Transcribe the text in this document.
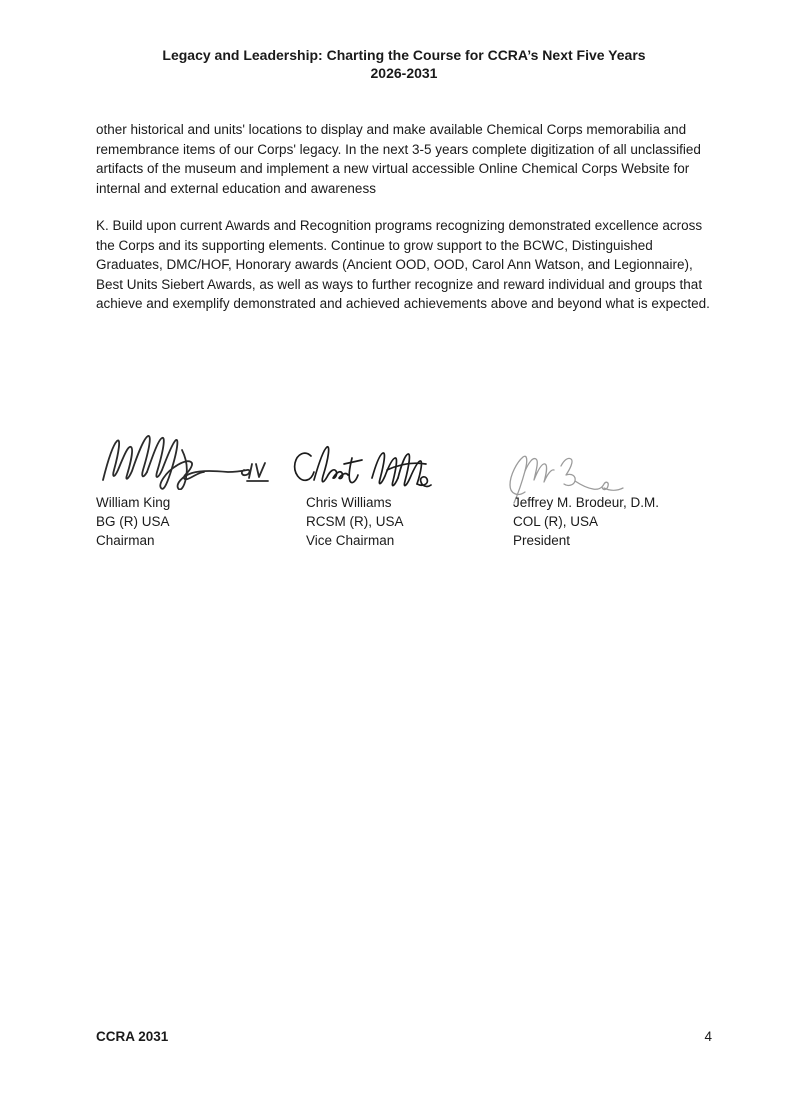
Legacy and Leadership: Charting the Course for CCRA’s Next Five Years
2026-2031

other historical and units' locations to display and make available Chemical Corps memorabilia and remembrance items of our Corps' legacy. In the next 3-5 years complete digitization of all unclassified artifacts of the museum and implement a new virtual accessible Online Chemical Corps Website for internal and external education and awareness

K. Build upon current Awards and Recognition programs recognizing demonstrated excellence across the Corps and its supporting elements. Continue to grow support to the BCWC, Distinguished Graduates, DMC/HOF, Honorary awards (Ancient OOD, OOD, Carol Ann Watson, and Legionnaire), Best Units Siebert Awards, as well as ways to further recognize and reward individual and groups that achieve and exemplify demonstrated and achieved achievements above and beyond what is expected.

William King
BG (R) USA
Chairman
Chris Williams
RCSM (R), USA
Vice Chairman
Jeffrey M. Brodeur, D.M.
COL (R), USA
President
CCRA 2031	4
